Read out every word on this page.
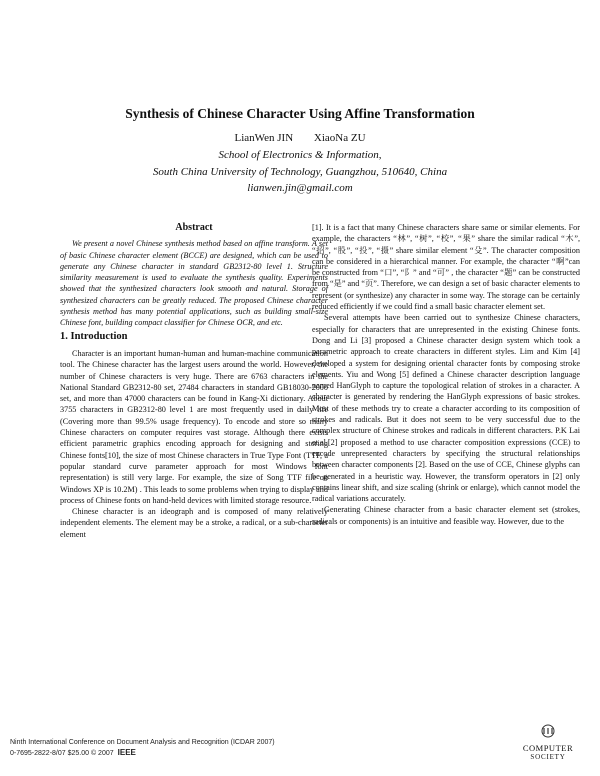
Synthesis of Chinese Character Using Affine Transformation
LianWen JIN XiaoNa ZU
School of Electronics & Information,
South China University of Technology, Guangzhou, 510640, China
lianwen.jin@gmail.com
Abstract

We present a novel Chinese synthesis method based on affine transform. A set of basic Chinese character element (BCCE) are designed, which can be used to generate any Chinese character in standard GB2312-80 level 1. Structure similarity measurement is used to evaluate the synthesis quality. Experiments showed that the synthesized characters look smooth and natural. Storage of synthesized characters can be greatly reduced. The proposed Chinese character synthesis method has many potential applications, such as building small-size Chinese font, building compact classifier for Chinese OCR, and etc.

1. Introduction

Character is an important human-human and human-machine communication tool. The Chinese character has the largest users around the world. However, the number of Chinese characters is very huge. There are 6763 characters in the National Standard GB2312-80 set, 27484 characters in standard GB18030-2000 set, and more than 47000 characters can be found in Kang-Xi dictionary. About 3755 characters in GB2312-80 level 1 are most frequently used in daily life (Covering more than 99.5% usage frequency). To encode and store so many Chinese characters on computer requires vast storage. Although there exists efficient parametric graphics encoding approach for designing and storing Chinese fonts[10], the size of most Chinese characters in True Type Font (TTF, a popular standard curve parameter approach for most Windows font representation) is still very large. For example, the size of Song TTF file on Windows XP is 10.2M) . This leads to some problems when trying to display and process of Chinese fonts on hand-held devices with limited storage resource.

Chinese character is an ideograph and is composed of many relatively independent elements. The element may be a stroke, a radical, or a sub-character element

[1]. It is a fact that many Chinese characters share same or similar elements. For example, the characters “林”, “树”, “校”, “果” share the similar radical “木”, “招”, “股”, “投”, “摄” share similar element “殳”. The character composition can be considered in a hierarchical manner. For example, the character “啊”can be constructed from “口”, “阝” and “可” , the character “题” can be constructed from “是” and “页”. Therefore, we can design a set of basic character elements to represent (or synthesize) any character in some way. The storage can be certainly reduced efficiently if we could find a small basic character element set.

Several attempts have been carried out to synthesize Chinese characters, especially for characters that are unrepresented in the existing Chinese fonts. Dong and Li [3] proposed a Chinese character design system which took a parametric approach to create characters in different styles. Lim and Kim [4] developed a system for designing oriental character fonts by composing stroke elements. Yiu and Wong [5] defined a Chinese character description language named HanGlyph to capture the topological relation of strokes in a character. A character is generated by rendering the HanGlyph expressions of basic strokes. Most of these methods try to create a character according to its composition of strokes and radicals. But it does not seem to be very successful due to the complex structure of Chinese strokes and radicals in different characters. P.K Lai et.al.[2] proposed a method to use character composition expressions (CCE) to encode unrepresented characters by specifying the structural relationships between character components [2]. Based on the use of CCE, Chinese glyphs can be generated in a heuristic way. However, the transform operators in [2] only contains linear shift, and size scaling (shrink or enlarge), which cannot model the radical variations accurately.

Generating Chinese character from a basic character element set (strokes, radicals or components) is an intuitive and feasible way. However, due to the

Ninth International Conference on Document Analysis and Recognition (ICDAR 2007)
0-7695-2822-8/07 $25.00 © 2007 IEEE	COMPUTER
SOCIETY
